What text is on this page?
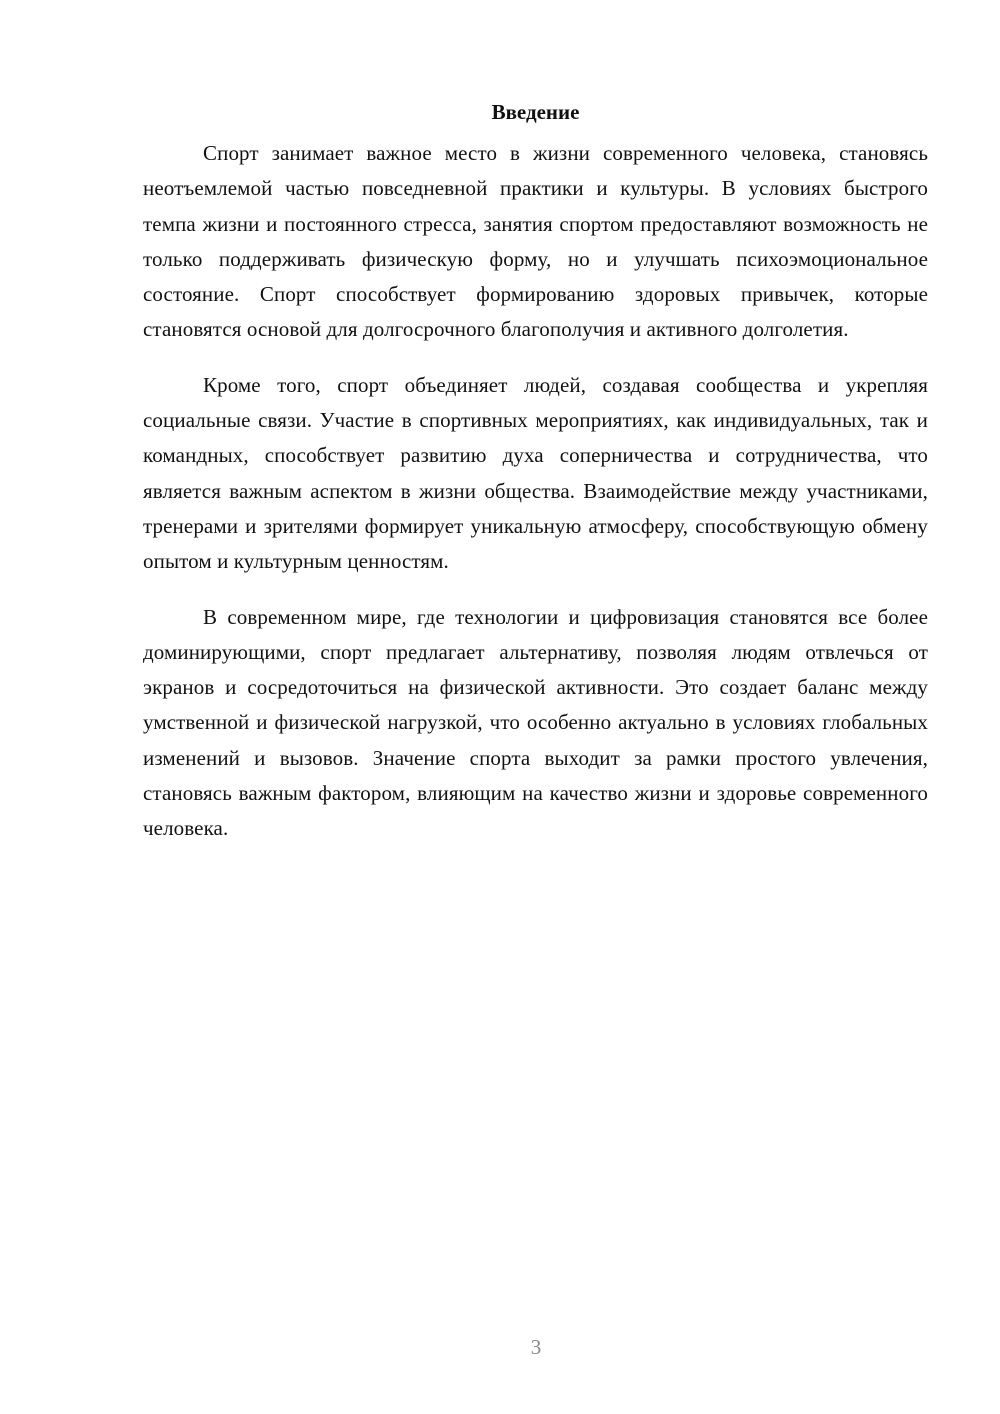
Введение

Спорт занимает важное место в жизни современного человека, становясь неотъемлемой частью повседневной практики и культуры. В условиях быстрого темпа жизни и постоянного стресса, занятия спортом предоставляют возможность не только поддерживать физическую форму, но и улучшать психоэмоциональное состояние. Спорт способствует формированию здоровых привычек, которые становятся основой для долгосрочного благополучия и активного долголетия.

Кроме того, спорт объединяет людей, создавая сообщества и укрепляя социальные связи. Участие в спортивных мероприятиях, как индивидуальных, так и командных, способствует развитию духа соперничества и сотрудничества, что является важным аспектом в жизни общества. Взаимодействие между участниками, тренерами и зрителями формирует уникальную атмосферу, способствующую обмену опытом и культурным ценностям.

В современном мире, где технологии и цифровизация становятся все более доминирующими, спорт предлагает альтернативу, позволяя людям отвлечься от экранов и сосредоточиться на физической активности. Это создает баланс между умственной и физической нагрузкой, что особенно актуально в условиях глобальных изменений и вызовов. Значение спорта выходит за рамки простого увлечения, становясь важным фактором, влияющим на качество жизни и здоровье современного человека.

3
